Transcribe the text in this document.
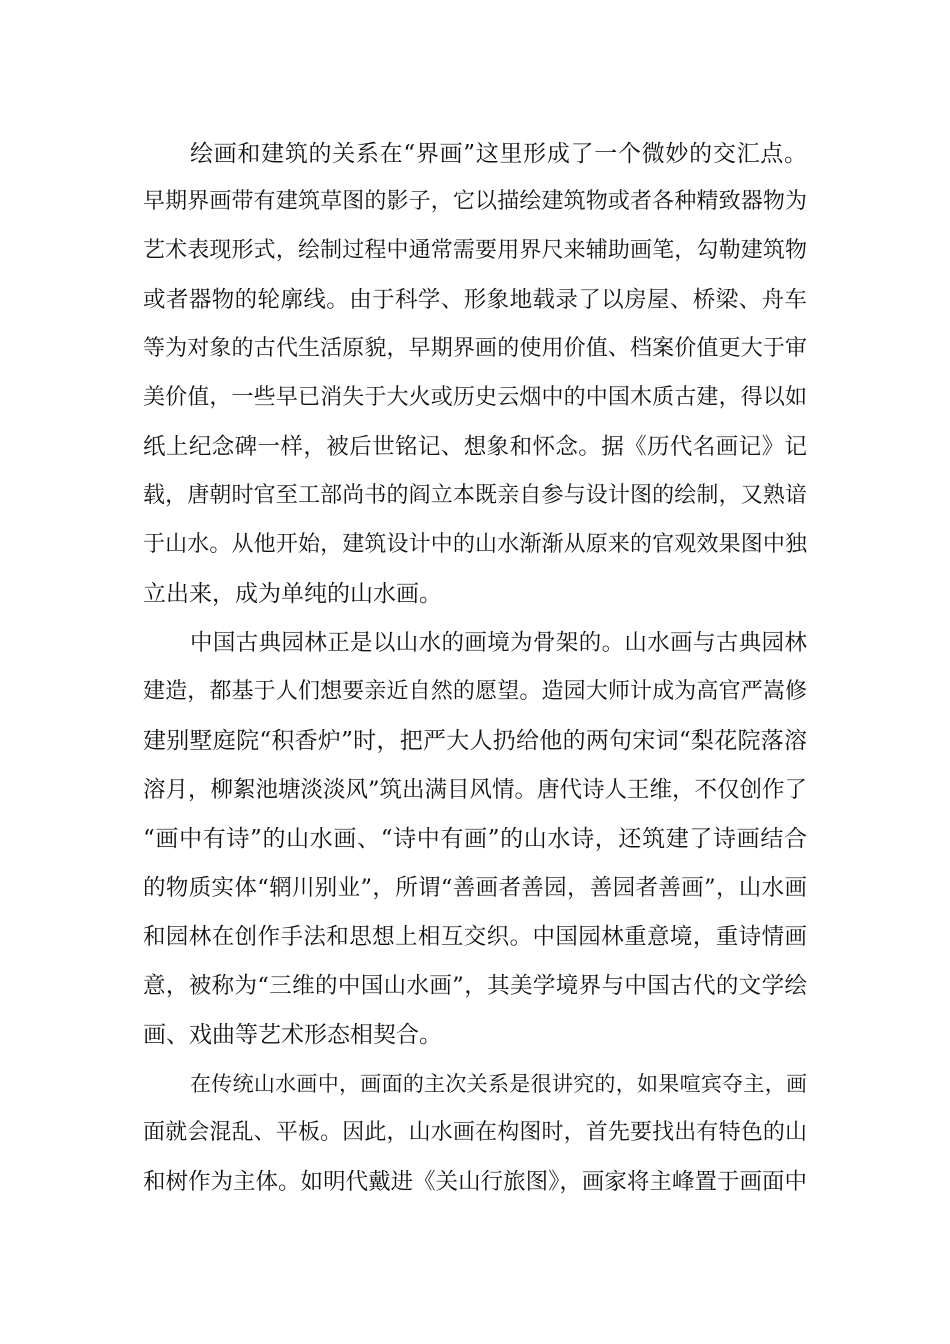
绘画和建筑的关系在“界画”这里形成了一个微妙的交汇点。
早期界画带有建筑草图的影子，它以描绘建筑物或者各种精致器物为
艺术表现形式，绘制过程中通常需要用界尺来辅助画笔，勾勒建筑物
或者器物的轮廓线。由于科学、形象地载录了以房屋、桥梁、舟车
等为对象的古代生活原貌，早期界画的使用价值、档案价值更大于审
美价值，一些早已消失于大火或历史云烟中的中国木质古建，得以如
纸上纪念碑一样，被后世铭记、想象和怀念。据《历代名画记》记
载，唐朝时官至工部尚书的阎立本既亲自参与设计图的绘制，又熟谙
于山水。从他开始，建筑设计中的山水渐渐从原来的官观效果图中独
立出来，成为单纯的山水画。
中国古典园林正是以山水的画境为骨架的。山水画与古典园林
建造，都基于人们想要亲近自然的愿望。造园大师计成为高官严嵩修
建别墅庭院“积香炉”时，把严大人扔给他的两句宋词“梨花院落溶
溶月，柳絮池塘淡淡风”筑出满目风情。唐代诗人王维，不仅创作了
“画中有诗”的山水画、“诗中有画”的山水诗，还筑建了诗画结合
的物质实体“辋川别业”，所谓“善画者善园，善园者善画”，山水画
和园林在创作手法和思想上相互交织。中国园林重意境，重诗情画
意，被称为“三维的中国山水画”，其美学境界与中国古代的文学绘
画、戏曲等艺术形态相契合。
在传统山水画中，画面的主次关系是很讲究的，如果喧宾夺主，画
面就会混乱、平板。因此，山水画在构图时，首先要找出有特色的山
和树作为主体。如明代戴进《关山行旅图》，画家将主峰置于画面中
